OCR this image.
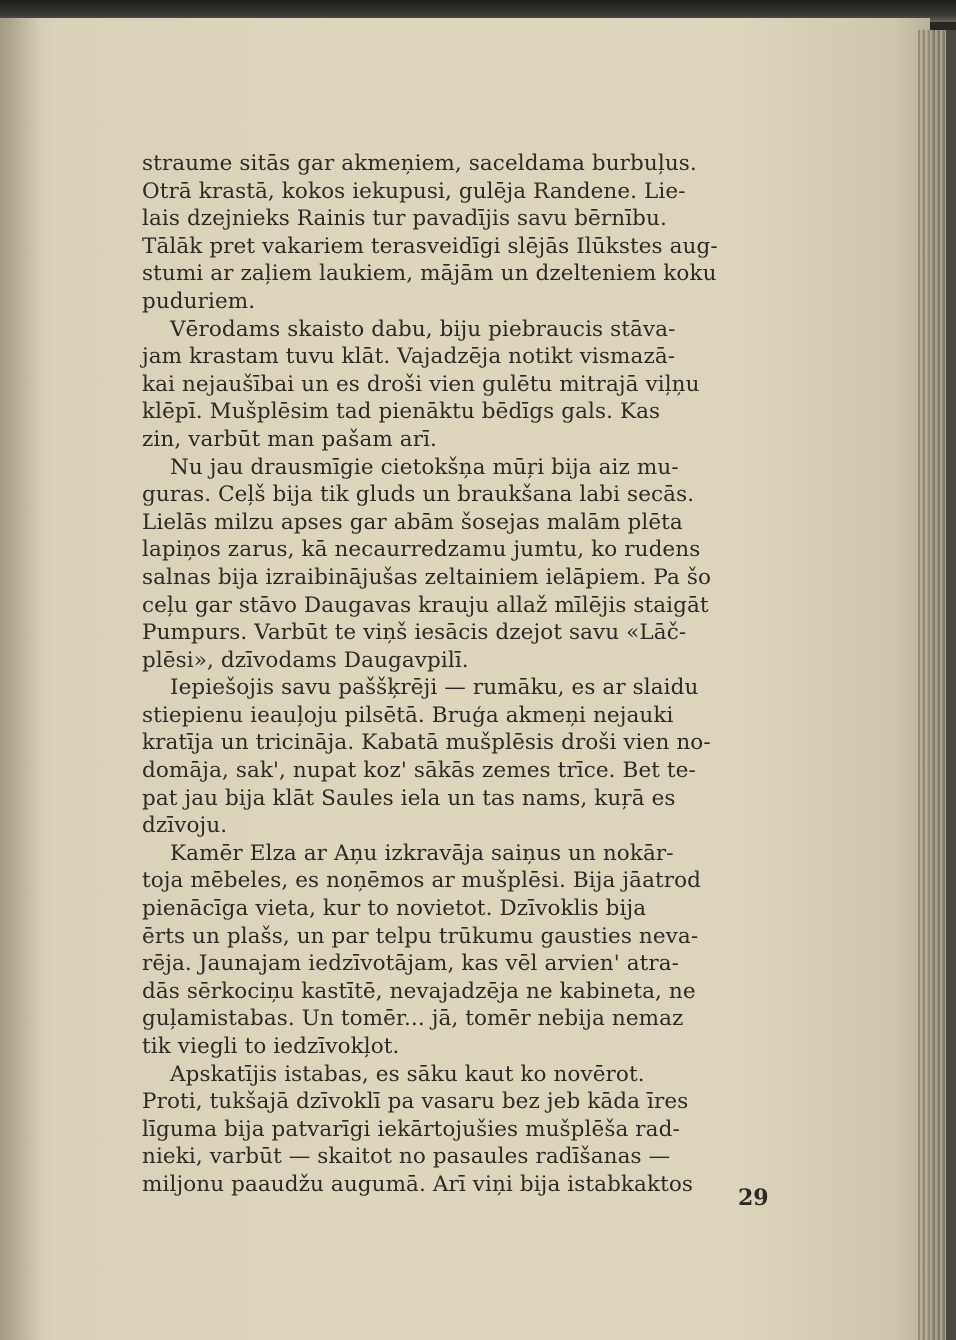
straume sitās gar akmeņiem, saceldama burbuļus.
Otrā krastā, kokos iekupusi, gulēja Randene. Lie-
lais dzejnieks Rainis tur pavadījis savu bērnību.
Tālāk pret vakariem terasveidīgi slējās Ilūkstes aug-
stumi ar zaļiem laukiem, mājām un dzelteniem koku
puduriem.

Vērodams skaisto dabu, biju piebraucis stāva-
jam krastam tuvu klāt. Vajadzēja notikt vismazā-
kai nejaušībai un es droši vien gulētu mitrajā viļņu
klēpī. Mušplēsim tad pienāktu bēdīgs gals. Kas
zin, varbūt man pašam arī.

Nu jau drausmīgie cietokšņa mūŗi bija aiz mu-
guras. Ceļš bija tik gluds un braukšana labi secās.
Lielās milzu apses gar abām šosejas malām plēta
lapiņos zarus, kā necaurredzamu jumtu, ko rudens
salnas bija izraibinājušas zeltainiem ielāpiem. Pa šo
ceļu gar stāvo Daugavas krauju allaž mīlējis staigāt
Pumpurs. Varbūt te viņš iesācis dzejot savu «Lāč-
plēsi», dzīvodams Daugavpilī.

Iepiešojis savu paššķrēji — rumāku, es ar slaidu
stiepienu ieauļoju pilsētā. Bruģa akmeņi nejauki
kratīja un tricināja. Kabatā mušplēsis droši vien no-
domāja, sak', nupat koz' sākās zemes trīce. Bet te-
pat jau bija klāt Saules iela un tas nams, kuŗā es
dzīvoju.

Kamēr Elza ar Aņu izkravāja saiņus un nokār-
toja mēbeles, es noņēmos ar mušplēsi. Bija jāatrod
pienācīga vieta, kur to novietot. Dzīvoklis bija
ērts un plašs, un par telpu trūkumu gausties neva-
rēja. Jaunajam iedzīvotājam, kas vēl arvien' atra-
dās sērkociņu kastītē, nevajadzēja ne kabineta, ne
guļamistabas. Un tomēr... jā, tomēr nebija nemaz
tik viegli to iedzīvokļot.

Apskatījis istabas, es sāku kaut ko novērot.
Proti, tukšajā dzīvoklī pa vasaru bez jeb kāda īres
līguma bija patvarīgi iekārtojušies mušplēša rad-
nieki, varbūt — skaitot no pasaules radīšanas —
miljonu paaudžu augumā. Arī viņi bija istabkaktos

29
